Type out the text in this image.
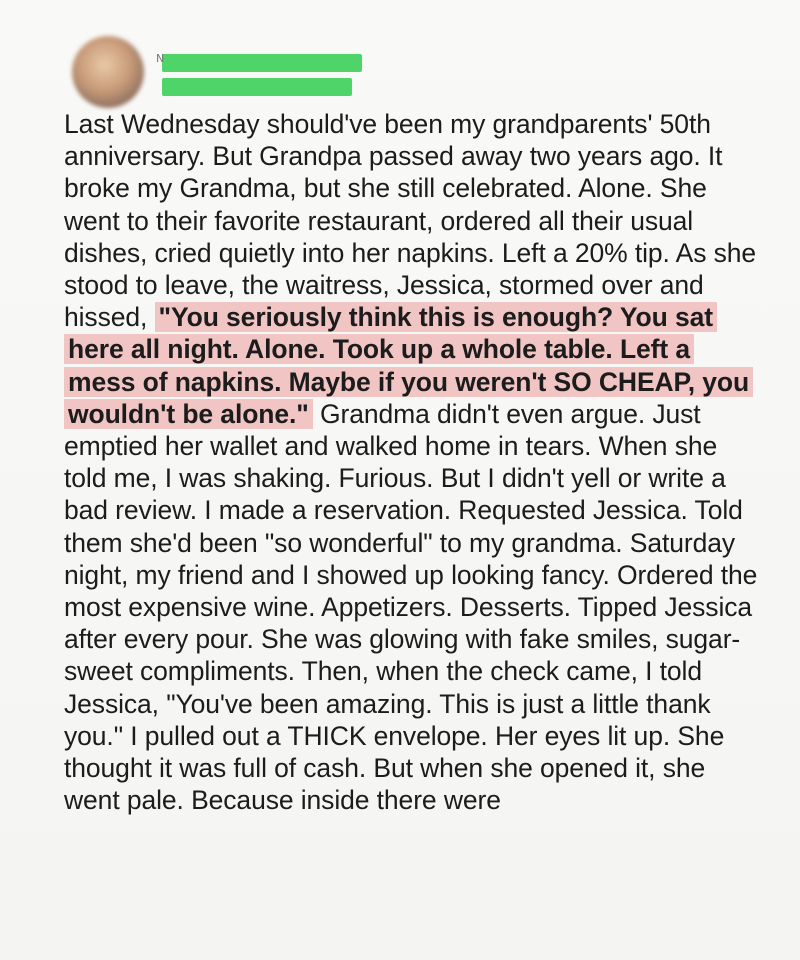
N
Last Wednesday should've been my grandparents' 50th anniversary. But Grandpa passed away two years ago. It broke my Grandma, but she still celebrated. Alone. She went to their favorite restaurant, ordered all their usual dishes, cried quietly into her napkins. Left a 20% tip. As she stood to leave, the waitress, Jessica, stormed over and hissed, "You seriously think this is enough? You sat here all night. Alone. Took up a whole table. Left a mess of napkins. Maybe if you weren't SO CHEAP, you wouldn't be alone." Grandma didn't even argue. Just emptied her wallet and walked home in tears. When she told me, I was shaking. Furious. But I didn't yell or write a bad review. I made a reservation. Requested Jessica. Told them she'd been "so wonderful" to my grandma. Saturday night, my friend and I showed up looking fancy. Ordered the most expensive wine. Appetizers. Desserts. Tipped Jessica after every pour. She was glowing with fake smiles, sugar-sweet compliments. Then, when the check came, I told Jessica, "You've been amazing. This is just a little thank you." I pulled out a THICK envelope. Her eyes lit up. She thought it was full of cash. But when she opened it, she went pale. Because inside there were
